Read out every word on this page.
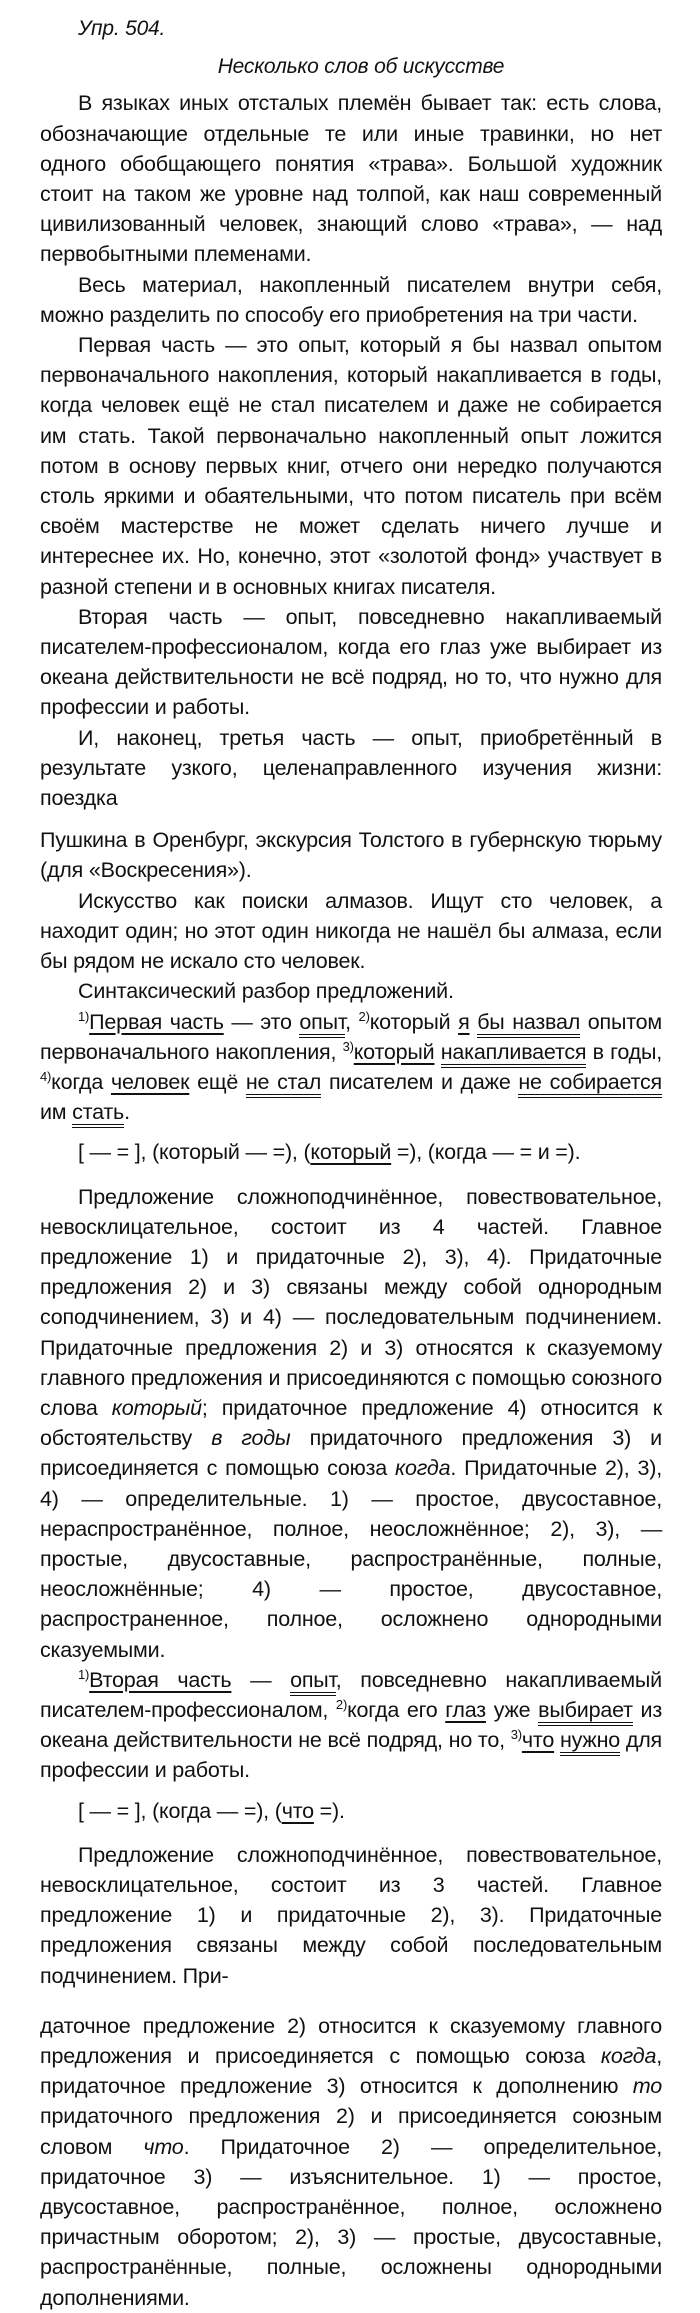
Упр. 504.
Несколько слов об искусстве

В языках иных отсталых племён бывает так: есть слова, обозначающие отдельные те или иные травинки, но нет одного обобщающего понятия «трава». Большой художник стоит на таком же уровне над толпой, как наш современный цивилизованный человек, знающий слово «трава», — над первобытными племенами.

Весь материал, накопленный писателем внутри себя, можно разделить по способу его приобретения на три части.

Первая часть — это опыт, который я бы назвал опытом первоначального накопления, который накапливается в годы, когда человек ещё не стал писателем и даже не собирается им стать. Такой первоначально накопленный опыт ложится потом в основу первых книг, отчего они нередко получаются столь яркими и обаятельными, что потом писатель при всём своём мастерстве не может сделать ничего лучше и интереснее их. Но, конечно, этот «золотой фонд» участвует в разной степени и в основных книгах писателя.

Вторая часть — опыт, повседневно накапливаемый писателем-профессионалом, когда его глаз уже выбирает из океана действительности не всё подряд, но то, что нужно для профессии и работы.

И, наконец, третья часть — опыт, приобретённый в результате узкого, целенаправленного изучения жизни: поездка

Пушкина в Оренбург, экскурсия Толстого в губернскую тюрьму (для «Воскресения»).

Искусство как поиски алмазов. Ищут сто человек, а находит один; но этот один никогда не нашёл бы алмаза, если бы рядом не искало сто человек.

Синтаксический разбор предложений.

$^{1)}$Первая часть — это опыт, $^{2)}$который я бы назвал опытом первоначального накопления, $^{3)}$который накапливается в годы, $^{4)}$когда человек ещё не стал писателем и даже не собирается им стать.

[ — = ], (который — =), (который =), (когда — = и =).

Предложение сложноподчинённое, повествовательное, невосклицательное, состоит из 4 частей. Главное предложение 1) и придаточные 2), 3), 4). Придаточные предложения 2) и 3) связаны между собой однородным соподчинением, 3) и 4) — последовательным подчинением. Придаточные предложения 2) и 3) относятся к сказуемому главного предложения и присоединяются с помощью союзного слова который; придаточное предложение 4) относится к обстоятельству в годы придаточного предложения 3) и присоединяется с помощью союза когда. Придаточные 2), 3), 4) — определительные. 1) — простое, двусоставное, нераспространённое, полное, неосложнённое; 2), 3), — простые, двусоставные, распространённые, полные, неосложнённые; 4) — простое, двусоставное, распространенное, полное, осложнено однородными сказуемыми.

$^{1)}$Вторая часть — опыт, повседневно накапливаемый писателем-профессионалом, $^{2)}$когда его глаз уже выбирает из океана действительности не всё подряд, но то, $^{3)}$что нужно для профессии и работы.

[ — = ], (когда — =), (что =).

Предложение сложноподчинённое, повествовательное, невосклицательное, состоит из 3 частей. Главное предложение 1) и придаточные 2), 3). Придаточные предложения связаны между собой последовательным подчинением. При-

даточное предложение 2) относится к сказуемому главного предложения и присоединяется с помощью союза когда, придаточное предложение 3) относится к дополнению то придаточного предложения 2) и присоединяется союзным словом что. Придаточное 2) — определительное, придаточное 3) — изъяснительное. 1) — простое, двусоставное, распространённое, полное, осложнено причастным оборотом; 2), 3) — простые, двусоставные, распространённые, полные, осложнены однородными дополнениями.
